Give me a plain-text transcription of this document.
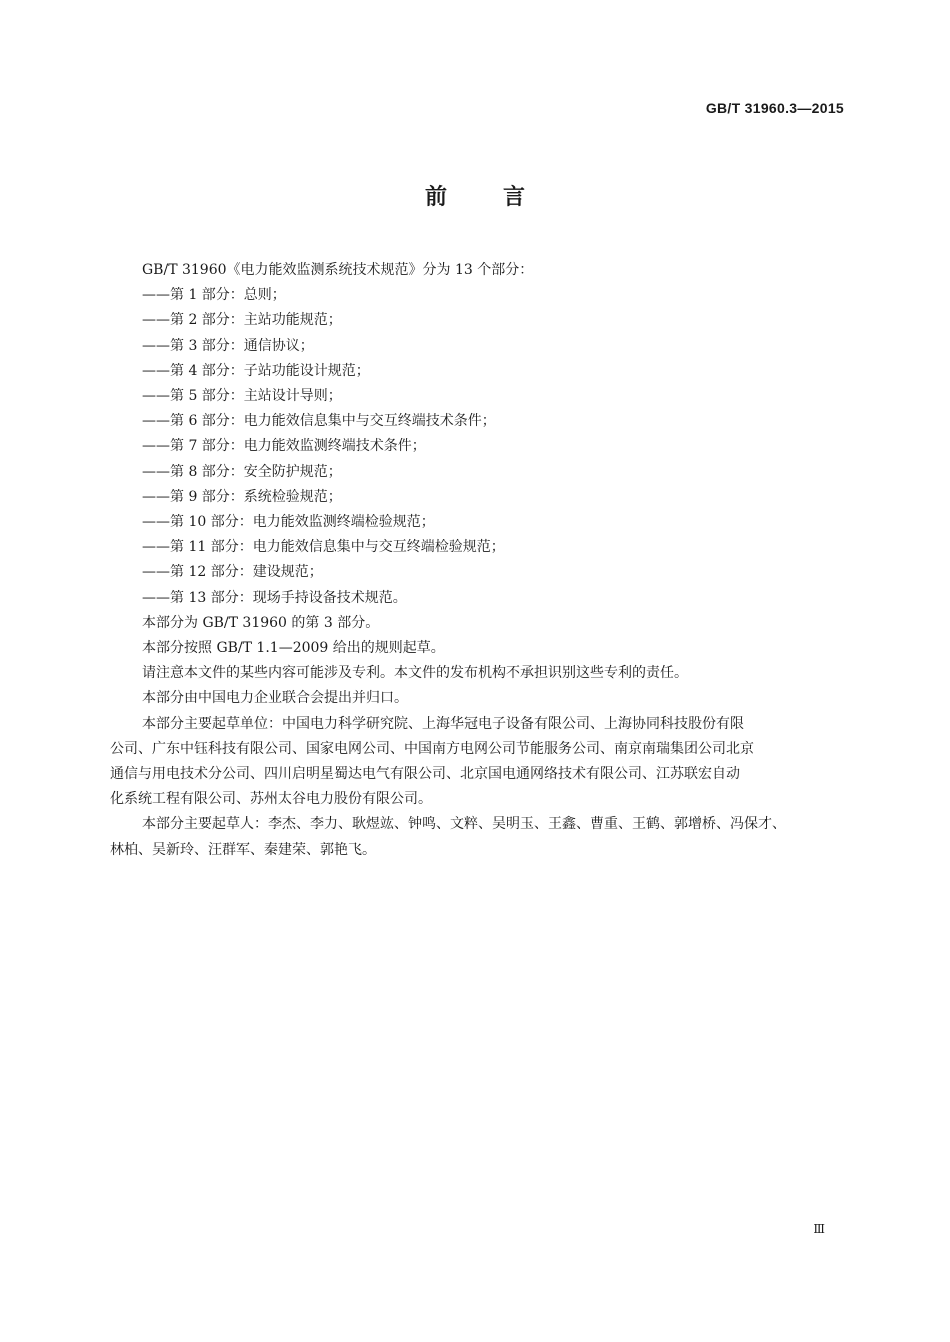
GB/T 31960.3—2015
前言

GB/T 31960《电力能效监测系统技术规范》分为 13 个部分：

——第 1 部分：总则；

——第 2 部分：主站功能规范；

——第 3 部分：通信协议；

——第 4 部分：子站功能设计规范；

——第 5 部分：主站设计导则；

——第 6 部分：电力能效信息集中与交互终端技术条件；

——第 7 部分：电力能效监测终端技术条件；

——第 8 部分：安全防护规范；

——第 9 部分：系统检验规范；

——第 10 部分：电力能效监测终端检验规范；

——第 11 部分：电力能效信息集中与交互终端检验规范；

——第 12 部分：建设规范；

——第 13 部分：现场手持设备技术规范。

本部分为 GB/T 31960 的第 3 部分。

本部分按照 GB/T 1.1—2009 给出的规则起草。

请注意本文件的某些内容可能涉及专利。本文件的发布机构不承担识别这些专利的责任。

本部分由中国电力企业联合会提出并归口。

本部分主要起草单位：中国电力科学研究院、上海华冠电子设备有限公司、上海协同科技股份有限

公司、广东中钰科技有限公司、国家电网公司、中国南方电网公司节能服务公司、南京南瑞集团公司北京

通信与用电技术分公司、四川启明星蜀达电气有限公司、北京国电通网络技术有限公司、江苏联宏自动

化系统工程有限公司、苏州太谷电力股份有限公司。

本部分主要起草人：李杰、李力、耿煜竑、钟鸣、文粹、吴明玉、王鑫、曹重、王鹤、郭增桥、冯保才、

林柏、吴新玲、汪群军、秦建荣、郭艳飞。

Ⅲ
